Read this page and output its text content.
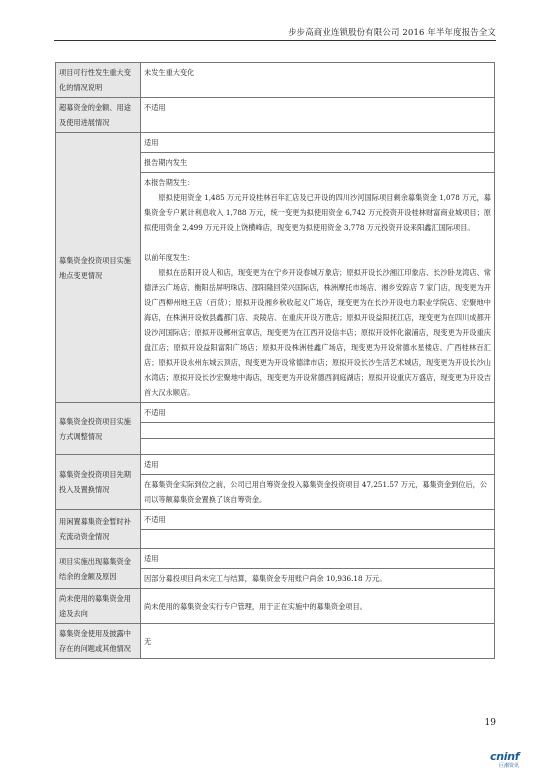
步步高商业连锁股份有限公司 2016 年半年度报告全文
项目可行性发生重大变化的情况说明	未发生重大变化
超募资金的金额、用途及使用进展情况	不适用
募集资金投资项目实施地点变更情况	适用
	报告期内发生

	本报告期发生：

原拟使用资金 1,485 万元开设桂林百年汇店及已开设的四川沙河国际项目剩余募集资金 1,078 万元，募集资金专户累计利息收入 1,788 万元，统一变更为拟使用资金 6,742 万元投资开设桂林财富商业城项目；原拟使用资金 2,499 万元开设上饶横峰店，现变更为拟使用资金 3,778 万元投资开设来阳鑫汇国际项目。

以前年度发生：

原拟在岳阳开设人和店，现变更为在宁乡开设春城万象店；原拟开设长沙湘江印象店、长沙卧龙湾店、常德泽云广场店、衡阳岳屏明珠店、邵阳隆回荣兴国际店，株洲摩托市场店、湘乡安踪店 7 家门店，现变更为开设广西柳州地王店（百货）；原拟开设湘乡秋收起义广场店，现变更为在长沙开设电力职业学院店、宏聚地中海店，在株洲开设攸县鑫都门店、炎陵店、在重庆开设万胜店；原拟开设益阳抚江店，现变更为在四川成都开设沙河国际店；原拟开设郴州宜章店，现变更为在江西开设信丰店；原拟开设怀化溆浦店，现变更为开设重庆盘江店；原拟开设益阳富阳广场店；原拟开设株洲桂鑫广场店，现变更为开设常德水星楼店、广西桂林百汇店；原拟开设永州东城云顶店，现变更为开设常德津市店；原拟开设长沙生活艺术城店，现变更为开设长沙山水湾店；原拟开设长沙宏聚地中海店，现变更为开设常德西洞庭湖店；原拟开设重庆万盛店，现变更为开设吉首大汉永顺店。

募集资金投资项目实施方式调整情况	不适用

募集资金投资项目先期投入及置换情况	适用
	在募集资金实际到位之前，公司已用自筹资金投入募集资金投资项目 47,251.57 万元，募集资金到位后，公司以等额募集资金置换了该自筹资金。
用闲置募集资金暂时补充流动资金情况	不适用

项目实施出现募集资金结余的金额及原因	适用
	因部分募投项目尚未完工与结算，募集资金专用账户尚余 10,936.18 万元。
尚未使用的募集资金用途及去向	尚未使用的募集资金实行专户管理，用于正在实施中的募集资金项目。
募集资金使用及披露中存在的问题或其他情况	无
19
cninf
巨潮资讯
